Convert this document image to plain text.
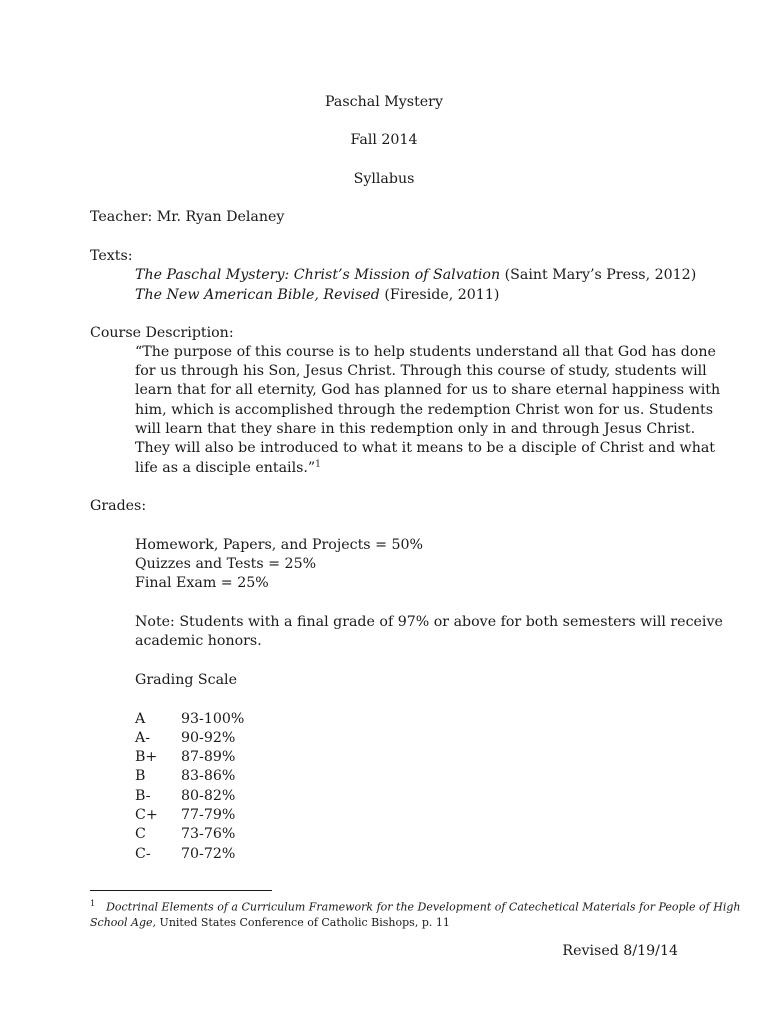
Paschal Mystery
Fall 2014
Syllabus
Teacher: Mr. Ryan Delaney
Texts:
The Paschal Mystery: Christ’s Mission of Salvation (Saint Mary’s Press, 2012)
The New American Bible, Revised (Fireside, 2011)
Course Description:
“The purpose of this course is to help students understand all that God has done
for us through his Son, Jesus Christ. Through this course of study, students will
learn that for all eternity, God has planned for us to share eternal happiness with
him, which is accomplished through the redemption Christ won for us. Students
will learn that they share in this redemption only in and through Jesus Christ.
They will also be introduced to what it means to be a disciple of Christ and what
life as a disciple entails.”$^1$
Grades:
Homework, Papers, and Projects = 50%
Quizzes and Tests = 25%
Final Exam = 25%
Note: Students with a final grade of 97% or above for both semesters will receive
academic honors.
Grading Scale
A	93-100%
A- 90-92%
B+ 87-89%
B	83-86%
B- 80-82%
C+ 77-79%
C 73-76%
C- 70-72%
$^1$ Doctrinal Elements of a Curriculum Framework for the Development of Catechetical Materials for People of High
School Age, United States Conference of Catholic Bishops, p. 11
Revised 8/19/14
